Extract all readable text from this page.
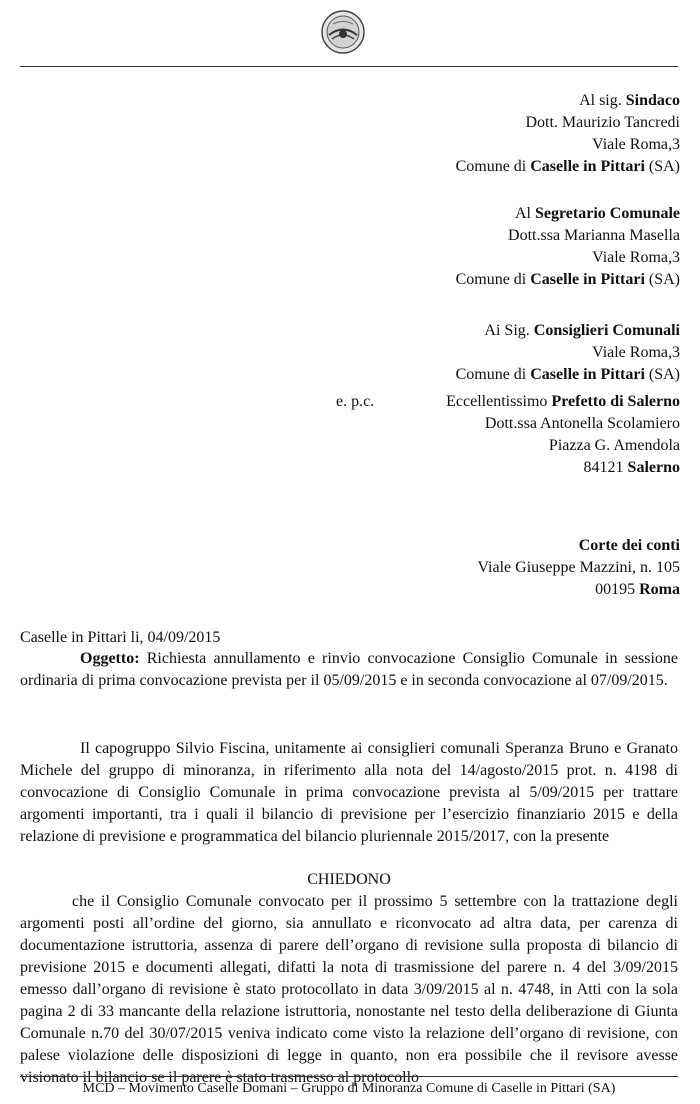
Al sig. Sindaco
Dott. Maurizio Tancredi
Viale Roma,3
Comune di Caselle in Pittari (SA)
Al Segretario Comunale
Dott.ssa Marianna Masella
Viale Roma,3
Comune di Caselle in Pittari (SA)
Ai Sig. Consiglieri Comunali
Viale Roma,3
Comune di Caselle in Pittari (SA)
e. p.c.	Eccellentissimo Prefetto di Salerno
Dott.ssa Antonella Scolamiero
Piazza G. Amendola
84121 Salerno
Corte dei conti
Viale Giuseppe Mazzini, n. 105
00195 Roma
Caselle in Pittari li, 04/09/2015
Oggetto: Richiesta annullamento e rinvio convocazione Consiglio Comunale in sessione ordinaria di prima convocazione prevista per il 05/09/2015 e in seconda convocazione al 07/09/2015.
Il capogruppo Silvio Fiscina, unitamente ai consiglieri comunali Speranza Bruno e Granato Michele del gruppo di minoranza, in riferimento alla nota del 14/agosto/2015 prot. n. 4198 di convocazione di Consiglio Comunale in prima convocazione prevista al 5/09/2015 per trattare argomenti importanti, tra i quali il bilancio di previsione per l’esercizio finanziario 2015 e della relazione di previsione e programmatica del bilancio pluriennale 2015/2017, con la presente
CHIEDONO
che il Consiglio Comunale convocato per il prossimo 5 settembre con la trattazione degli argomenti posti all’ordine del giorno, sia annullato e riconvocato ad altra data, per carenza di documentazione istruttoria, assenza di parere dell’organo di revisione sulla proposta di bilancio di previsione 2015 e documenti allegati, difatti la nota di trasmissione del parere n. 4 del 3/09/2015 emesso dall’organo di revisione è stato protocollato in data 3/09/2015 al n. 4748, in Atti con la sola pagina 2 di 33 mancante della relazione istruttoria, nonostante nel testo della deliberazione di Giunta Comunale n.70 del 30/07/2015 veniva indicato come visto la relazione dell’organo di revisione, con palese violazione delle disposizioni di legge in quanto, non era possibile che il revisore avesse visionato il bilancio se il parere è stato trasmesso al protocollo
MCD – Movimento Caselle Domani – Gruppo di Minoranza Comune di Caselle in Pittari (SA)
